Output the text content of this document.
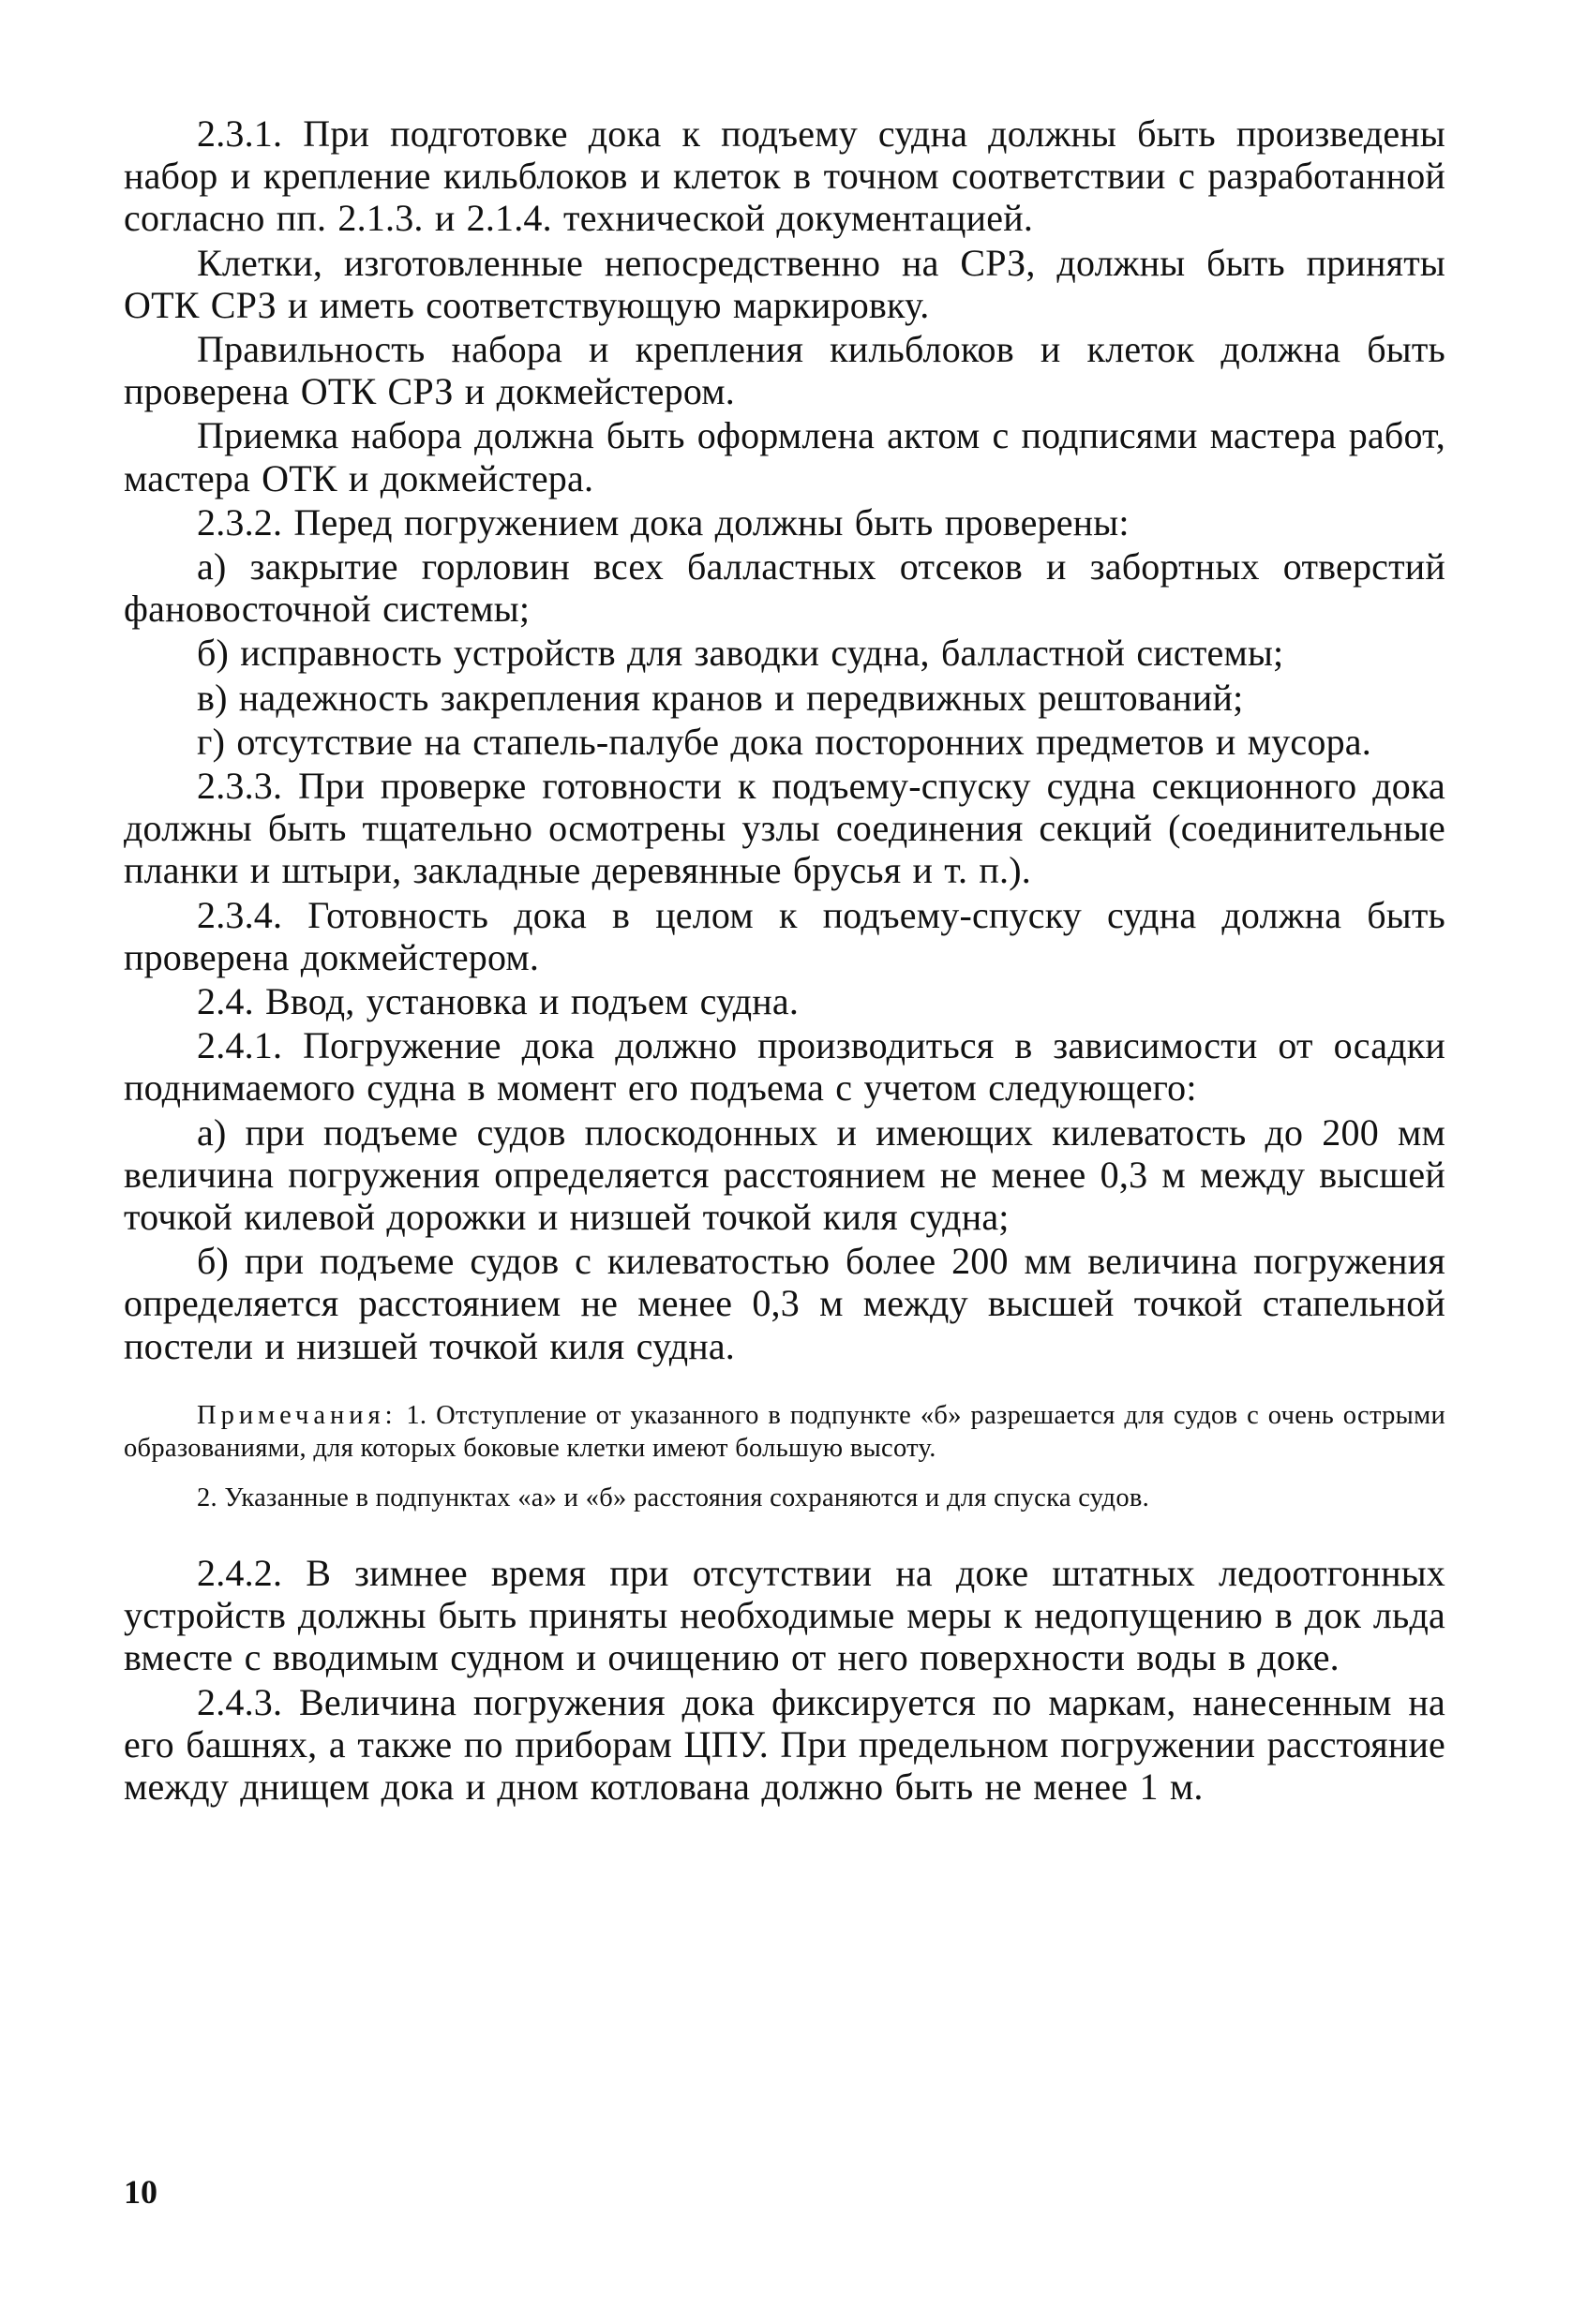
2.3.1. При подготовке дока к подъему судна должны быть произведены набор и крепление кильблоков и клеток в точном соответствии с разработанной согласно пп. 2.1.3. и 2.1.4. технической документацией.

Клетки, изготовленные непосредственно на СРЗ, должны быть приняты ОТК СРЗ и иметь соответствующую маркировку.

Правильность набора и крепления кильблоков и клеток должна быть проверена ОТК СРЗ и докмейстером.

Приемка набора должна быть оформлена актом с подписями мастера работ, мастера ОТК и докмейстера.

2.3.2. Перед погружением дока должны быть проверены:

а) закрытие горловин всех балластных отсеков и забортных отверстий фановосточной системы;

б) исправность устройств для заводки судна, балластной системы;

в) надежность закрепления кранов и передвижных рештований;

г) отсутствие на стапель-палубе дока посторонних предметов и мусора.

2.3.3. При проверке готовности к подъему-спуску судна секционного дока должны быть тщательно осмотрены узлы соединения секций (соединительные планки и штыри, закладные деревянные брусья и т. п.).

2.3.4. Готовность дока в целом к подъему-спуску судна должна быть проверена докмейстером.

2.4. Ввод, установка и подъем судна.

2.4.1. Погружение дока должно производиться в зависимости от осадки поднимаемого судна в момент его подъема с учетом следующего:

а) при подъеме судов плоскодонных и имеющих килеватость до 200 мм величина погружения определяется расстоянием не менее 0,3 м между высшей точкой килевой дорожки и низшей точкой киля судна;

б) при подъеме судов с килеватостью более 200 мм величина погружения определяется расстоянием не менее 0,3 м между высшей точкой стапельной постели и низшей точкой киля судна.

Примечания: 1. Отступление от указанного в подпункте «б» разрешается для судов с очень острыми образованиями, для которых боковые клетки имеют большую высоту.

2. Указанные в подпунктах «а» и «б» расстояния сохраняются и для спуска судов.

2.4.2. В зимнее время при отсутствии на доке штатных ледоотгонных устройств должны быть приняты необходимые меры к недопущению в док льда вместе с вводимым судном и очищению от него поверхности воды в доке.

2.4.3. Величина погружения дока фиксируется по маркам, нанесенным на его башнях, а также по приборам ЦПУ. При предельном погружении расстояние между днищем дока и дном котлована должно быть не менее 1 м.

10
